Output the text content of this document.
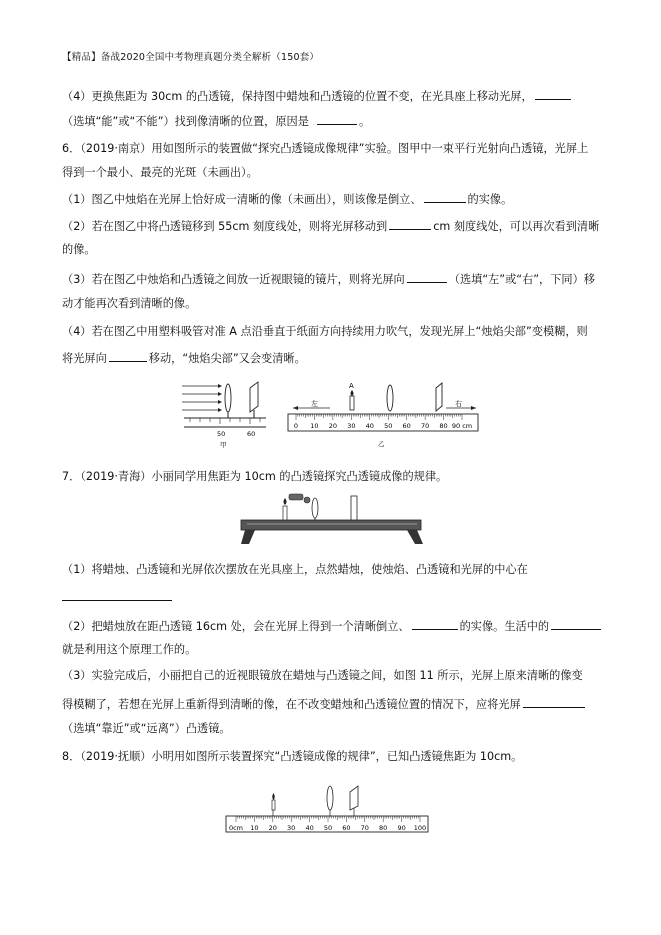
【精品】备战2020全国中考物理真题分类全解析（150套）
（4）更换焦距为 30cm 的凸透镜，保持图中蜡烛和凸透镜的位置不变，在光具座上移动光屏，
（选填“能”或“不能”）找到像清晰的位置，原因是	。
6．（2019·南京）用如图所示的装置做“探究凸透镜成像规律”实验。图甲中一束平行光射向凸透镜，光屏上
得到一个最小、最亮的光斑（未画出）。
（1）图乙中烛焰在光屏上恰好成一清晰的像（未画出），则该像是倒立、	的实像。
（2）若在图乙中将凸透镜移到 55cm 刻度线处，则将光屏移动到	cm 刻度线处，可以再次看到清晰
的像。
（3）若在图乙中烛焰和凸透镜之间放一近视眼镜的镜片，则将光屏向	（选填“左”或“右”，下同）移
动才能再次看到清晰的像。
（4）若在图乙中用塑料吸管对准 A 点沿垂直于纸面方向持续用力吹气，发现光屏上“烛焰尖部”变模糊，则
将光屏向	移动，“烛焰尖部”又会变清晰。
50	60
甲
左
A
右
0 10 20 30 40 50 60 70 80 90 cm
乙
7．（2019·青海）小丽同学用焦距为 10cm 的凸透镜探究凸透镜成像的规律。
（1）将蜡烛、凸透镜和光屏依次摆放在光具座上，点然蜡烛，使烛焰、凸透镜和光屏的中心在
（2）把蜡烛放在距凸透镜 16cm 处，会在光屏上得到一个清晰倒立、	的实像。生活中的
就是利用这个原理工作的。
（3）实验完成后，小丽把自己的近视眼镜放在蜡烛与凸透镜之间，如图 11 所示，光屏上原来清晰的像变
得模糊了，若想在光屏上重新得到清晰的像，在不改变蜡烛和凸透镜位置的情况下，应将光屏
（选填“靠近”或“远离”）凸透镜。
8．（2019·抚顺）小明用如图所示装置探究“凸透镜成像的规律”，已知凸透镜焦距为 10cm。
0cm 10 20 30 40 50 60 70 80 90 100
